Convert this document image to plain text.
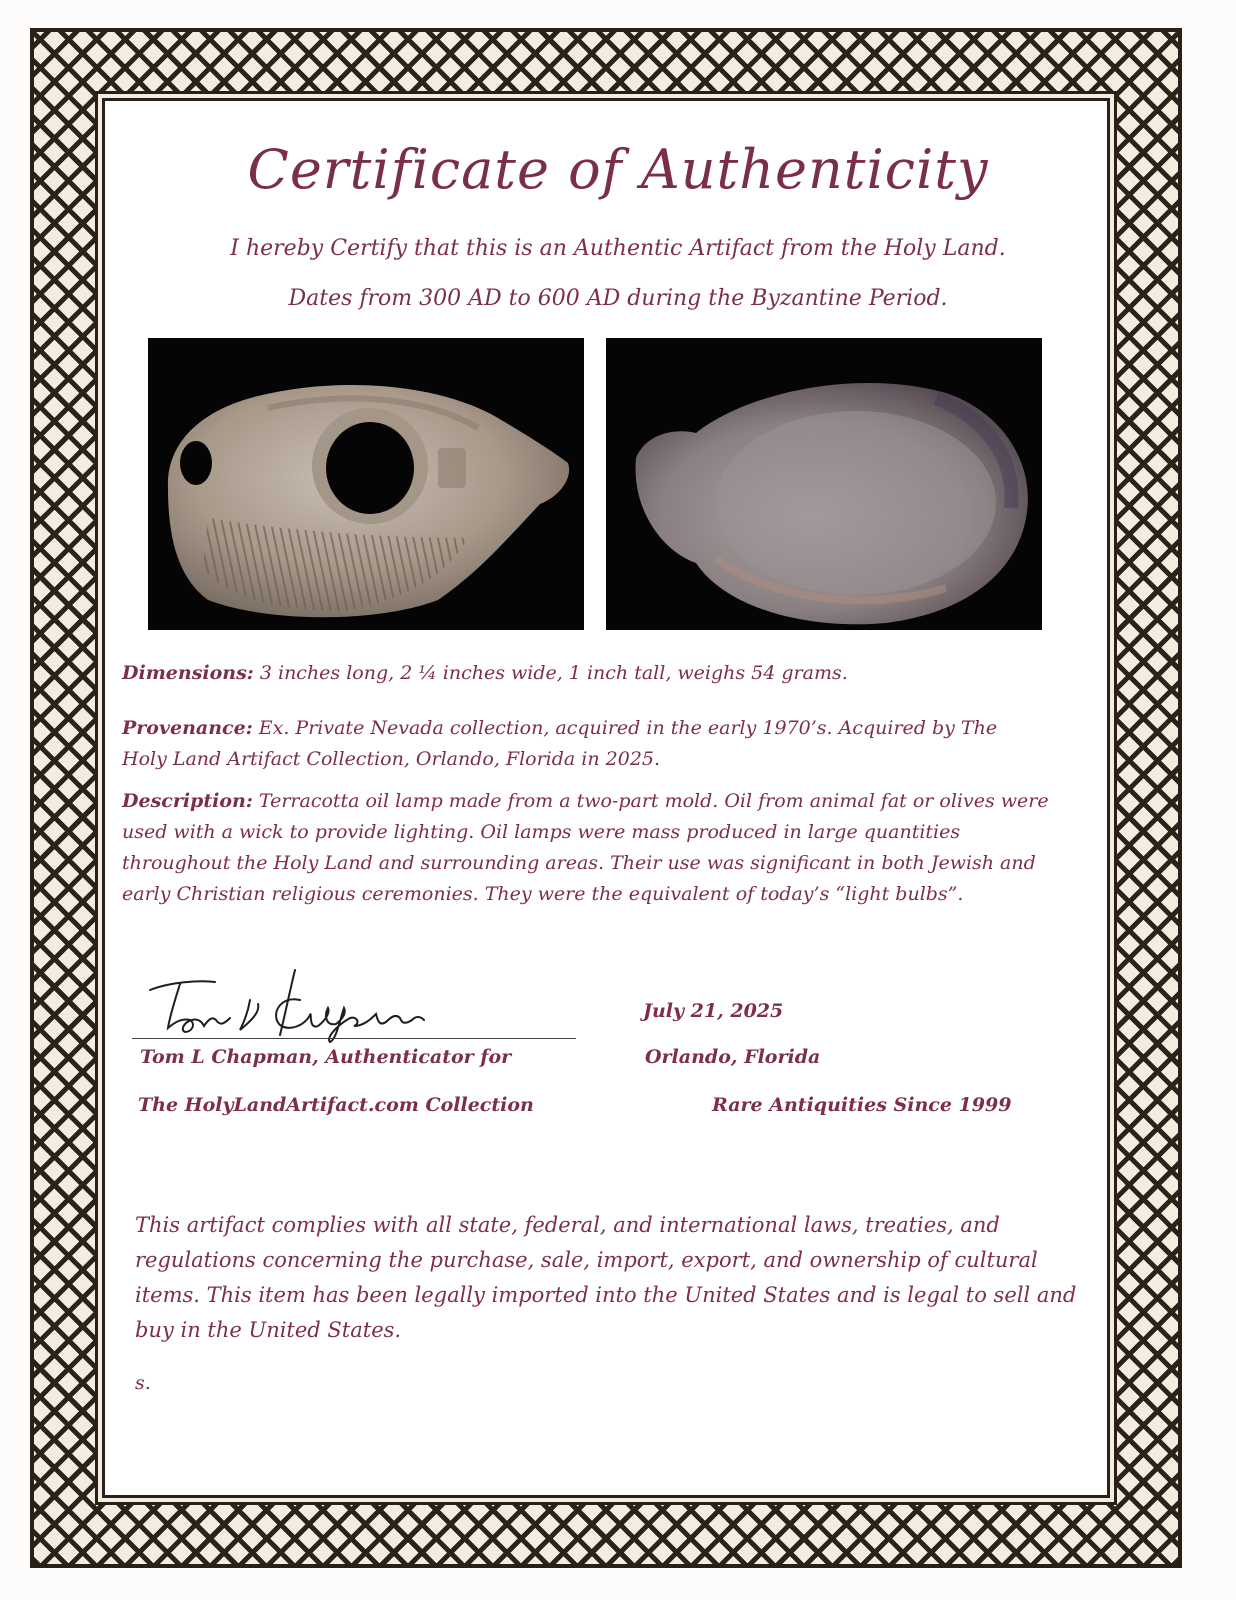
Certificate of Authenticity
I hereby Certify that this is an Authentic Artifact from the Holy Land.
Dates from 300 AD to 600 AD during the Byzantine Period.
Dimensions: 3 inches long, 2 ¼ inches wide, 1 inch tall, weighs 54 grams.
Provenance: Ex. Private Nevada collection, acquired in the early 1970’s. Acquired by The Holy Land Artifact Collection, Orlando, Florida in 2025.
Description: Terracotta oil lamp made from a two-part mold. Oil from animal fat or olives were used with a wick to provide lighting. Oil lamps were mass produced in large quantities throughout the Holy Land and surrounding areas. Their use was significant in both Jewish and early Christian religious ceremonies. They were the equivalent of today’s “light bulbs”.
Tom L Chapman, Authenticator for
The HolyLandArtifact.com Collection
July 21, 2025
Orlando, Florida
Rare Antiquities Since 1999
This artifact complies with all state, federal, and international laws, treaties, and regulations concerning the purchase, sale, import, export, and ownership of cultural items. This item has been legally imported into the United States and is legal to sell and buy in the United States.
s.
